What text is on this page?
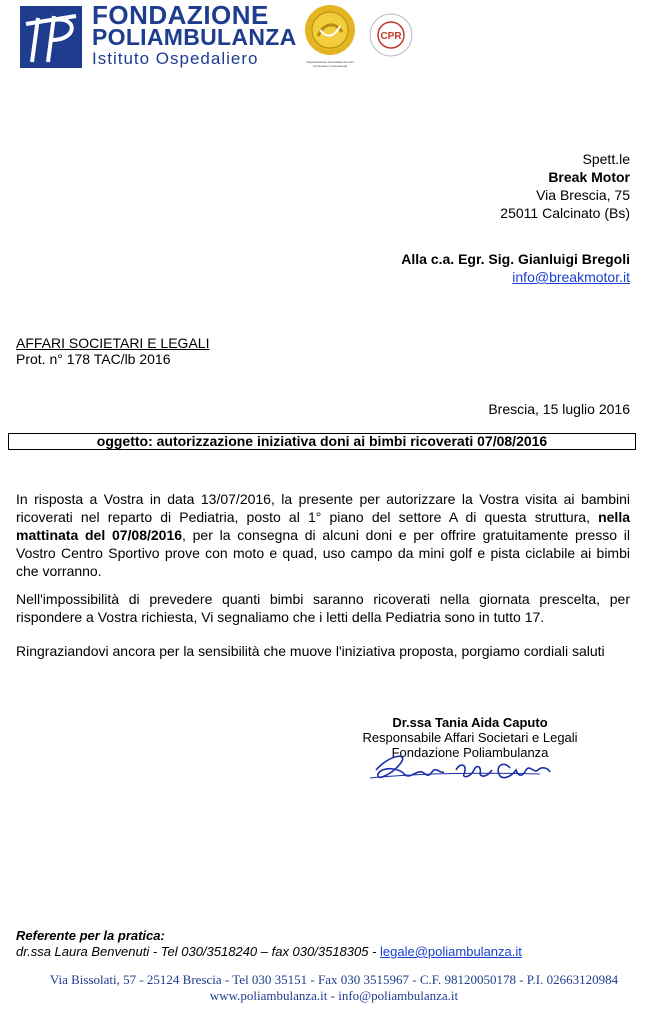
FONDAZIONE
POLIAMBULANZA
Istituto Ospedaliero	Organizzazione Accreditata da Joint Commission International
CPR
Spett.le
Break Motor
Via Brescia, 75
25011 Calcinato (Bs)
Alla c.a. Egr. Sig. Gianluigi Bregoli
info@breakmotor.it
AFFARI SOCIETARI E LEGALI
Prot. n° 178 TAC/lb 2016
Brescia, 15 luglio 2016
oggetto: autorizzazione iniziativa doni ai bimbi ricoverati 07/08/2016
In risposta a Vostra in data 13/07/2016, la presente per autorizzare la Vostra visita ai bambini ricoverati nel reparto di Pediatria, posto al 1° piano del settore A di questa struttura, nella mattinata del 07/08/2016, per la consegna di alcuni doni e per offrire gratuitamente presso il Vostro Centro Sportivo prove con moto e quad, uso campo da mini golf e pista ciclabile ai bimbi che vorranno.
Nell'impossibilità di prevedere quanti bimbi saranno ricoverati nella giornata prescelta, per rispondere a Vostra richiesta, Vi segnaliamo che i letti della Pediatria sono in tutto 17.
Ringraziandovi ancora per la sensibilità che muove l'iniziativa proposta, porgiamo cordiali saluti
Dr.ssa Tania Aida Caputo
Responsabile Affari Societari e Legali
Fondazione Poliambulanza
Referente per la pratica:
dr.ssa Laura Benvenuti - Tel 030/3518240 – fax 030/3518305 - legale@poliambulanza.it
Via Bissolati, 57 - 25124 Brescia - Tel 030 35151 - Fax 030 3515967 - C.F. 98120050178 - P.I. 02663120984
www.poliambulanza.it - info@poliambulanza.it
